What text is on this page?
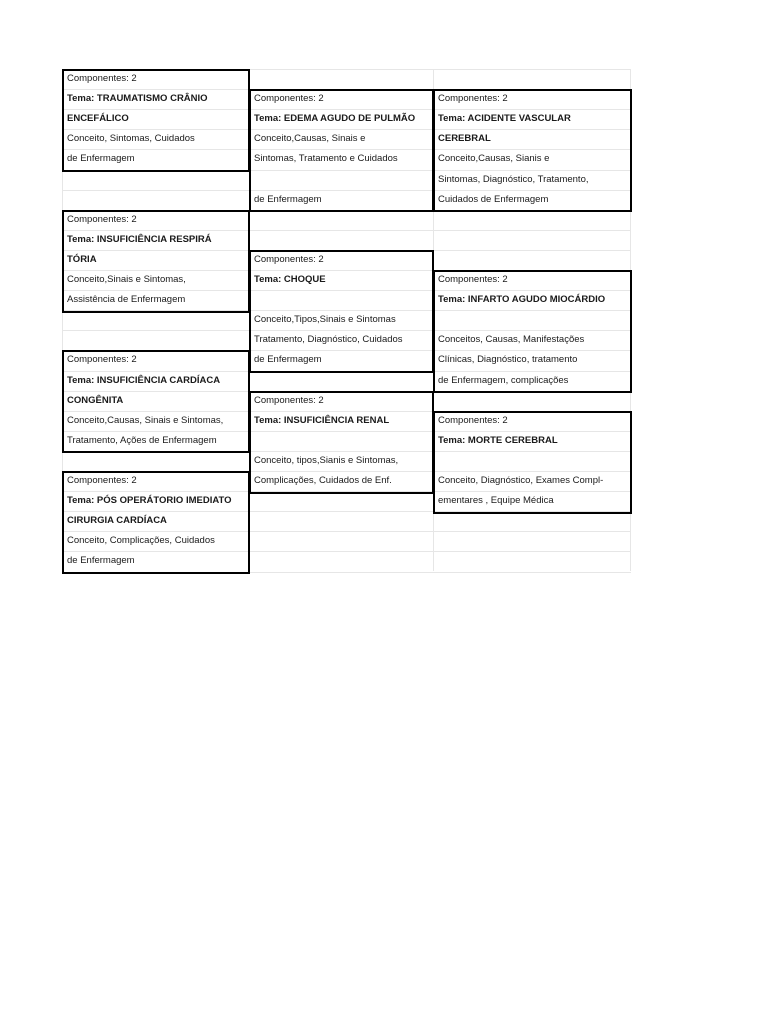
Componentes: 2
Tema: TRAUMATISMO CRÂNIO
ENCEFÁLICO
Conceito, Sintomas, Cuidados
de Enfermagem
Componentes: 2
Tema: EDEMA AGUDO DE PULMÃO
Conceito,Causas, Sinais e
Sintomas, Tratamento e Cuidados
de Enfermagem
Componentes: 2
Tema: ACIDENTE VASCULAR
CEREBRAL
Conceito,Causas, Sianis e
Sintomas, Diagnóstico, Tratamento,
Cuidados de Enfermagem
Componentes: 2
Tema: INSUFICIÊNCIA RESPIRÁ
TÓRIA
Conceito,Sinais e Sintomas,
Assistência de Enfermagem
Componentes: 2
Tema: CHOQUE
Conceito,Tipos,Sinais e Sintomas
Tratamento, Diagnóstico, Cuidados
de Enfermagem
Componentes: 2
Tema: INFARTO AGUDO MIOCÁRDIO
Conceitos, Causas, Manifestações
Clínicas, Diagnóstico, tratamento
de Enfermagem, complicações
Componentes: 2
Tema: INSUFICIÊNCIA CARDÍACA
CONGÊNITA
Conceito,Causas, Sinais e Sintomas,
Tratamento, Ações de Enfermagem
Componentes: 2
Tema: INSUFICIÊNCIA RENAL
Conceito, tipos,Sianis e Sintomas,
Complicações, Cuidados de Enf.
Componentes: 2
Tema: MORTE CEREBRAL
Conceito, Diagnóstico, Exames Compl-
ementares , Equipe Médica
Componentes: 2
Tema: PÓS OPERÁTORIO IMEDIATO
CIRURGIA CARDÍACA
Conceito, Complicações, Cuidados
de Enfermagem
